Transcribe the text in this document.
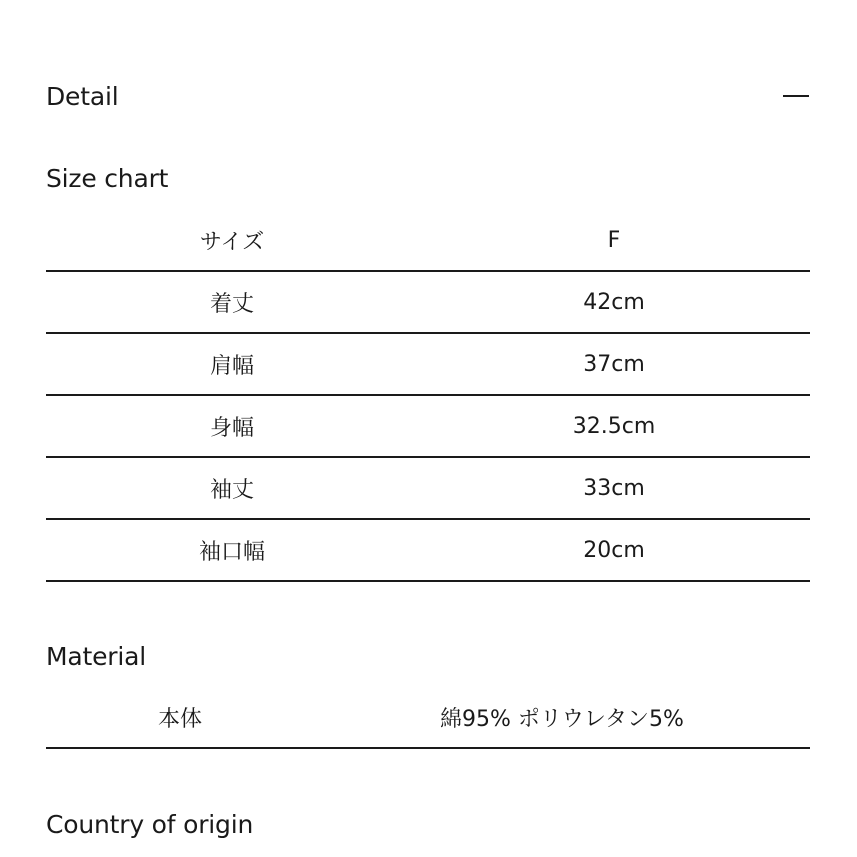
Detail
Size chart
サイズ	F
着丈	42cm
肩幅	37cm
身幅	32.5cm
袖丈	33cm
袖口幅	20cm
Material
本体	綿95% ポリウレタン5%
Country of origin
